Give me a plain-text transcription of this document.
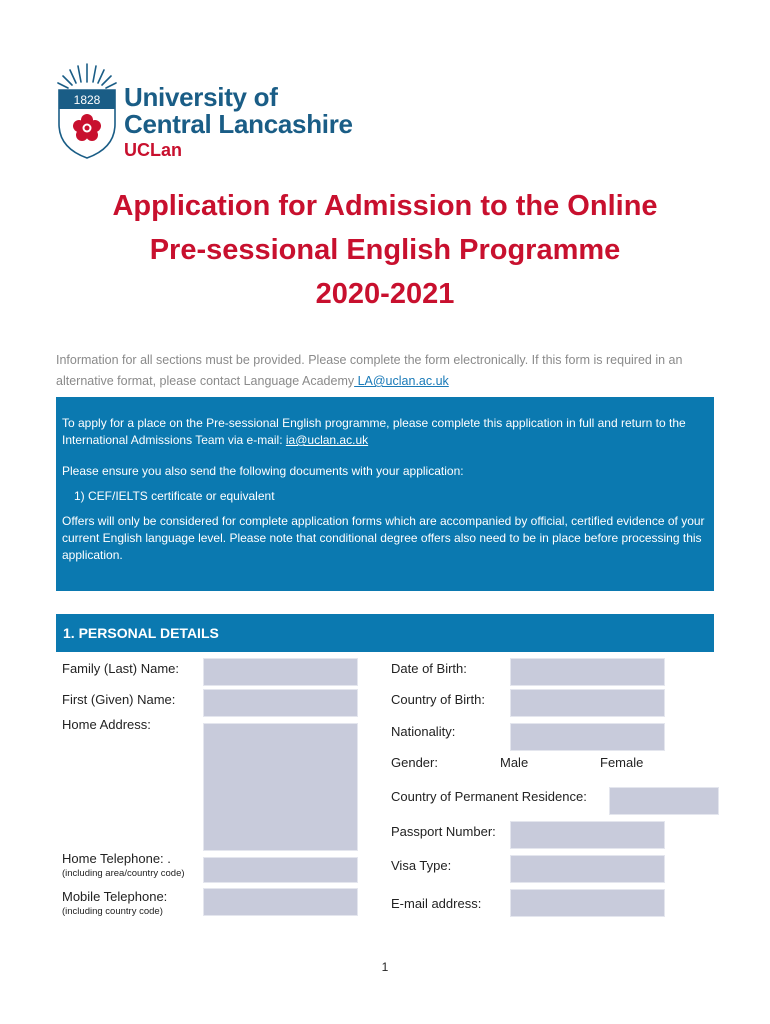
1828 University of
Central Lancashire
UCLan
Application for Admission to the Online
Pre-sessional English Programme
2020-2021
Information for all sections must be provided. Please complete the form electronically. If this form is required in an alternative format, please contact Language Academy LA@uclan.ac.uk

To apply for a place on the Pre-sessional English programme, please complete this application in full and return to the International Admissions Team via e-mail: ia@uclan.ac.uk

Please ensure you also send the following documents with your application:

1) CEF/IELTS certificate or equivalent

Offers will only be considered for complete application forms which are accompanied by official, certified evidence of your current English language level. Please note that conditional degree offers also need to be in place before processing this application.

1. PERSONAL DETAILS
Family (Last) Name:
First (Given) Name:
Home Address:
Home Telephone: .
(including area/country code)
Mobile Telephone:
(including country code)
Date of Birth:
Country of Birth:
Nationality:
Gender:	Male	Female
Country of Permanent Residence:
Passport Number:
Visa Type:
E-mail address:
1
